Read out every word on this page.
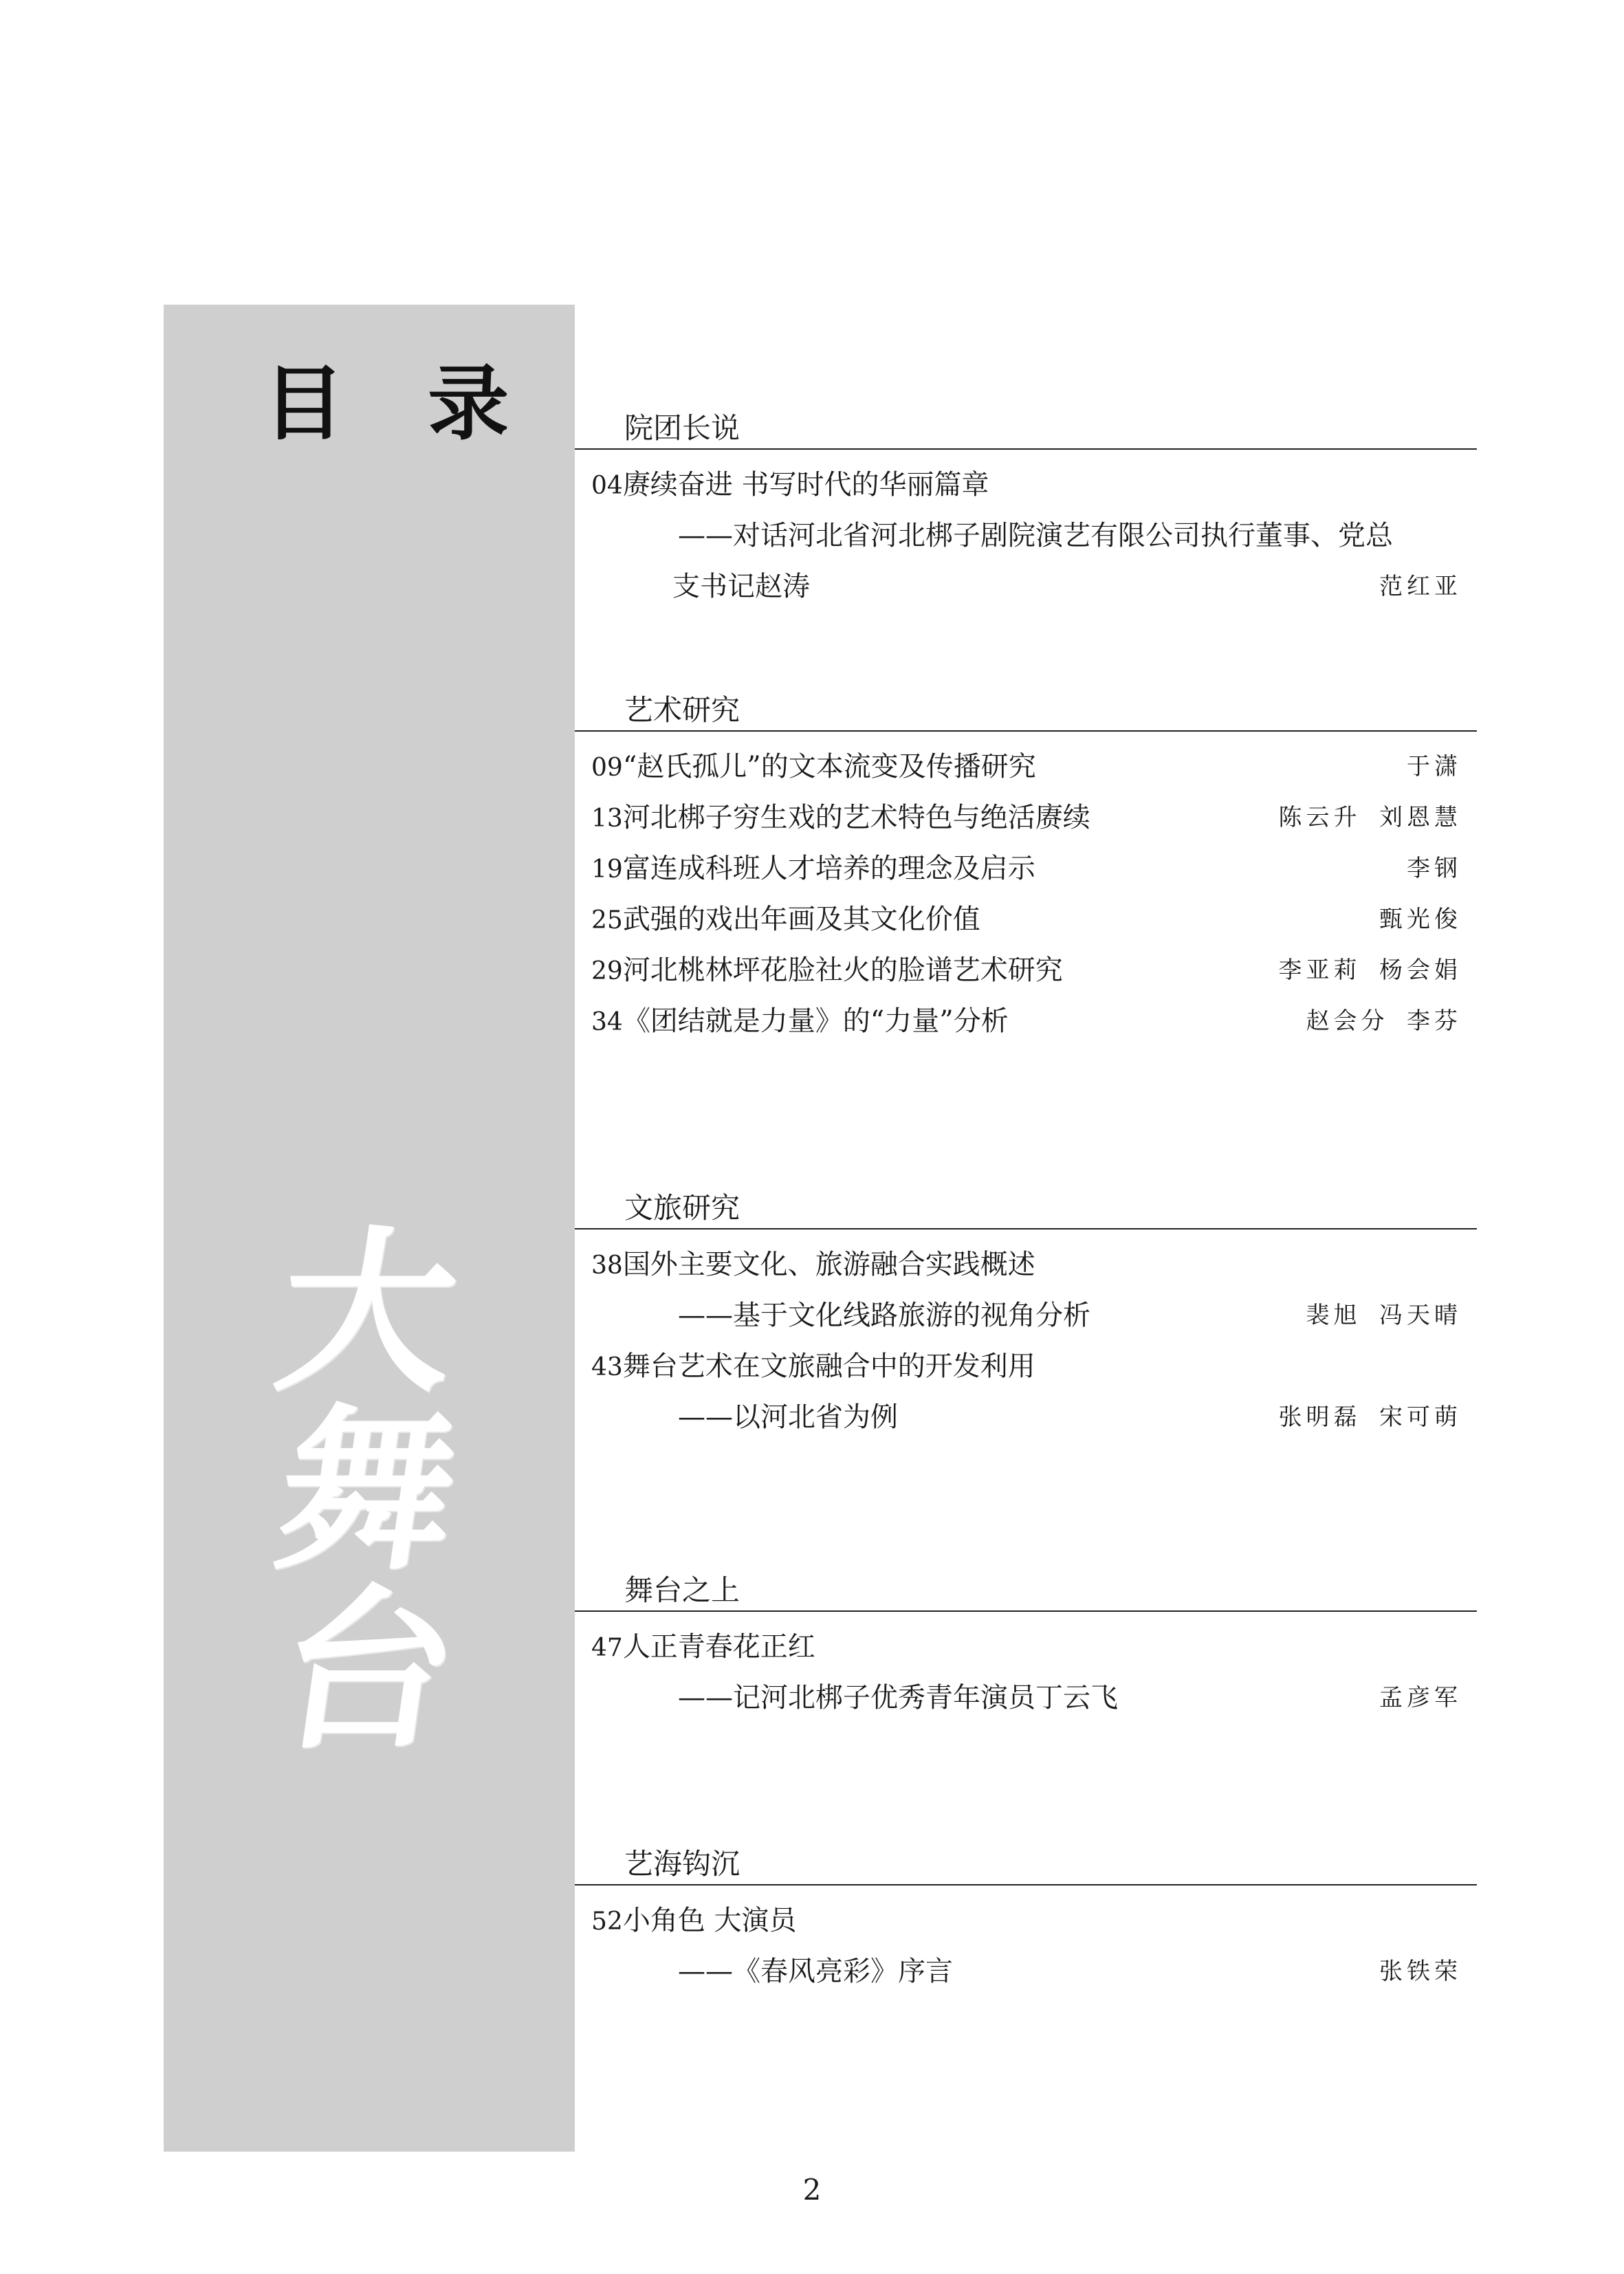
目 录
大
舞
台
院团长说
04赓续奋进 书写时代的华丽篇章
——对话河北省河北梆子剧院演艺有限公司执行董事、党总
支书记赵涛	范红亚
艺术研究
09“赵氏孤儿”的文本流变及传播研究	于潇
13河北梆子穷生戏的艺术特色与绝活赓续	陈云升 刘恩慧
19富连成科班人才培养的理念及启示	李钢
25武强的戏出年画及其文化价值	甄光俊
29河北桃林坪花脸社火的脸谱艺术研究	李亚莉 杨会娟
34《团结就是力量》的“力量”分析	赵会分 李芬
文旅研究
38国外主要文化、旅游融合实践概述
——基于文化线路旅游的视角分析	裴旭 冯天晴
43舞台艺术在文旅融合中的开发利用
——以河北省为例	张明磊 宋可萌
舞台之上
47人正青春花正红
——记河北梆子优秀青年演员丁云飞	孟彦军
艺海钩沉
52小角色 大演员
——《春风亮彩》序言	张铁荣
2
